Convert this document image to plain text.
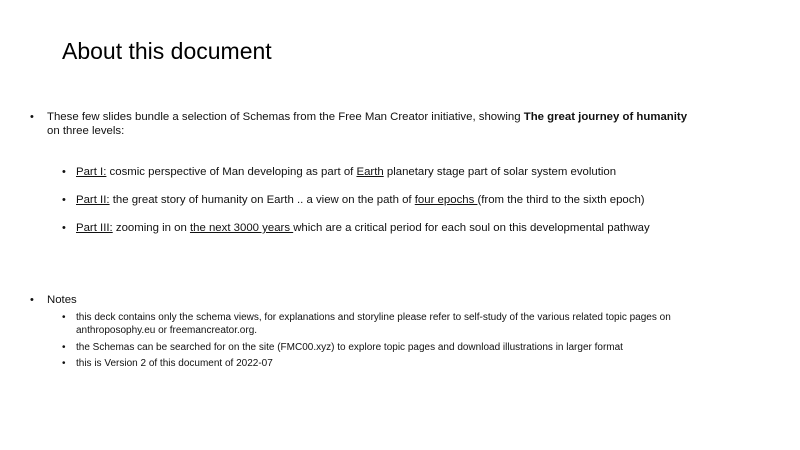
About this document
• These few slides bundle a selection of Schemas from the Free Man Creator initiative, showing The great journey of humanity
on three levels:
• Part I: cosmic perspective of Man developing as part of Earth planetary stage part of solar system evolution
• Part II: the great story of humanity on Earth .. a view on the path of four epochs (from the third to the sixth epoch)
• Part III: zooming in on the next 3000 years which are a critical period for each soul on this developmental pathway
• Notes
• this deck contains only the schema views, for explanations and storyline please refer to self-study of the various related topic pages on
anthroposophy.eu or freemancreator.org.
• the Schemas can be searched for on the site (FMC00.xyz) to explore topic pages and download illustrations in larger format
• this is Version 2 of this document of 2022-07
